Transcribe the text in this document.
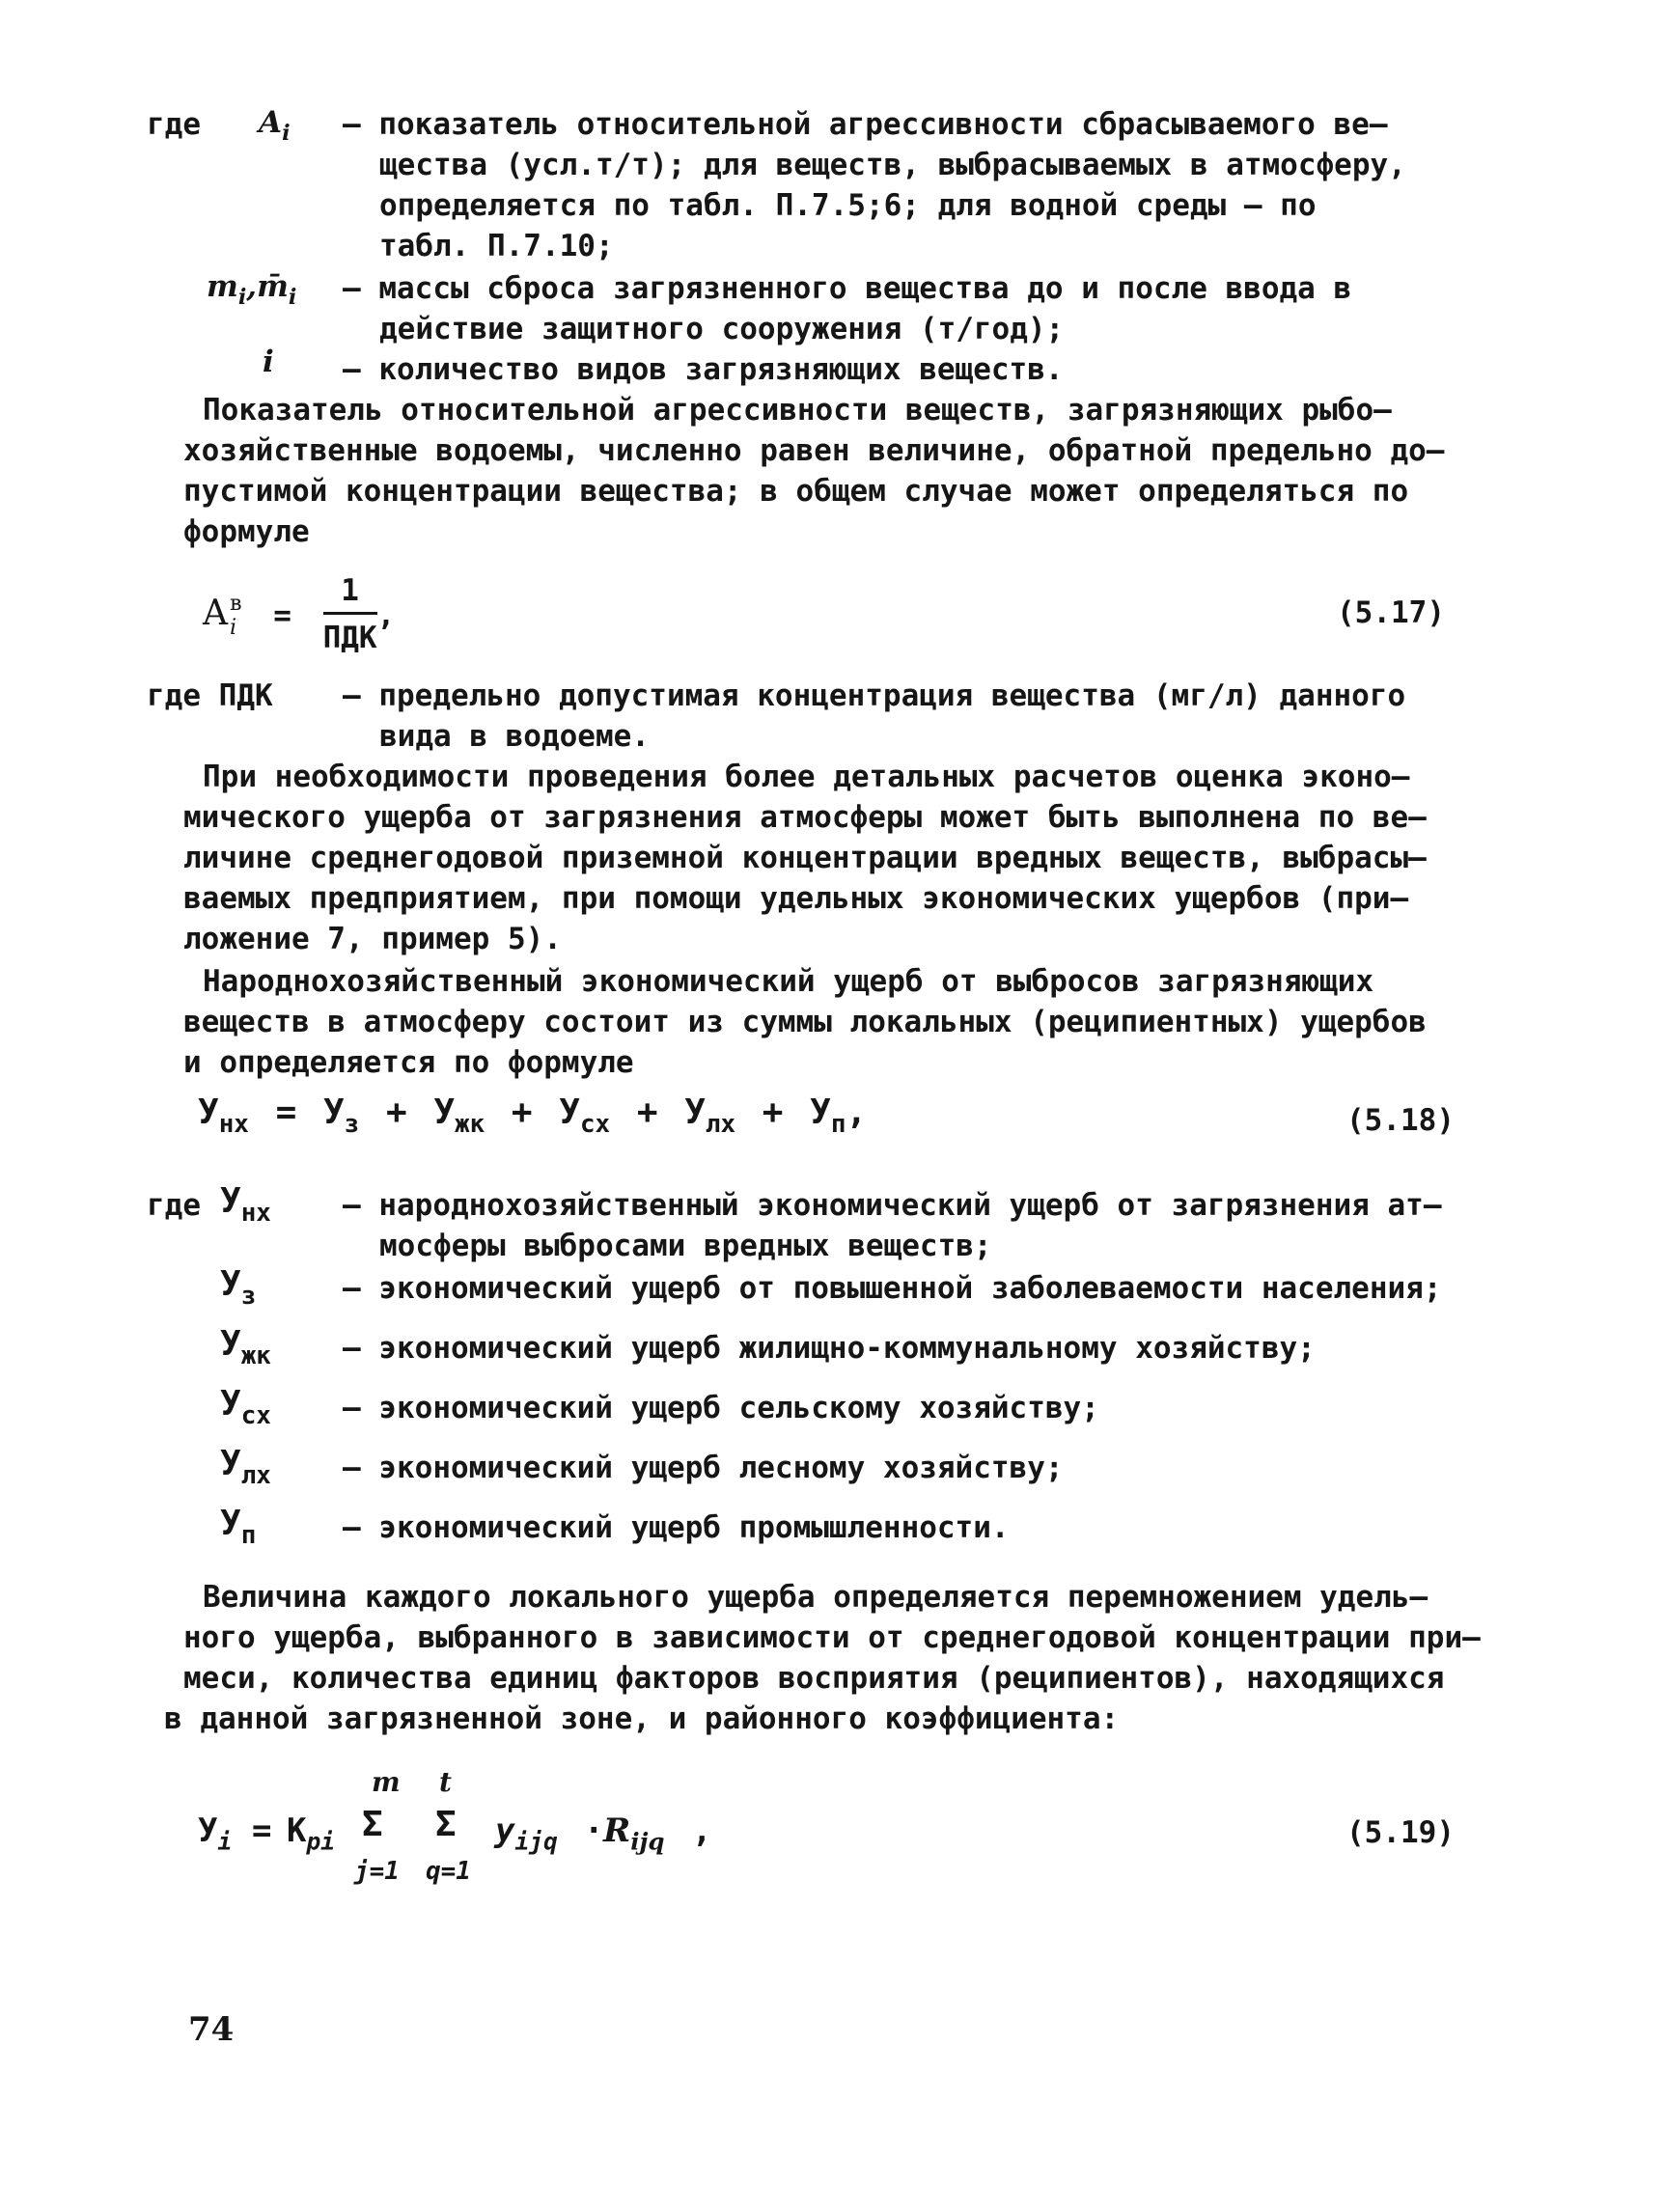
где $A_i$ – показатель относительной агрессивности сбрасываемого ве–
щества (усл.т/т); для веществ, выбрасываемых в атмосферу,
определяется по табл. П.7.5;6; для водной среды – по
табл. П.7.10;
$m_i,m̄_i$ – массы сброса загрязненного вещества до и после ввода в
действие защитного сооружения (т/год);
i – количество видов загрязняющих веществ.
Показатель относительной агрессивности веществ, загрязняющих рыбо–
хозяйственные водоемы, численно равен величине, обратной предельно до–
пустимой концентрации вещества; в общем случае может определяться по
формуле
A в
$i = \frac{1}{\text{ПДК}}$ ,	(5.17)
где ПДК – предельно допустимая концентрация вещества (мг/л) данного
вида в водоеме.
При необходимости проведения более детальных расчетов оценка эконо–
мического ущерба от загрязнения атмосферы может быть выполнена по ве–
личине среднегодовой приземной концентрации вредных веществ, выбрасы–
ваемых предприятием, при помощи удельных экономических ущербов (при–
ложение 7, пример 5).
Народнохозяйственный экономический ущерб от выбросов загрязняющих
веществ в атмосферу состоит из суммы локальных (реципиентных) ущербов
и определяется по формуле
$У_{нх} = У_з + У_{жк} + У_{сх} + У_{лх} + У_п$,	(5.18)
где $У_{нх}$ – народнохозяйственный экономический ущерб от загрязнения ат–
мосферы выбросами вредных веществ;
$У_з$	– экономический ущерб от повышенной заболеваемости населения;
$У_{жк}$ – экономический ущерб жилищно-коммунальному хозяйству;
$У_{сх}$ – экономический ущерб сельскому хозяйству;
$У_{лх}$ – экономический ущерб лесному хозяйству;
$У_п$	– экономический ущерб промышленности.
Величина каждого локального ущерба определяется перемножением удель–
ного ущерба, выбранного в зависимости от среднегодовой концентрации при–
меси, количества единиц факторов восприятия (реципиентов), находящихся
в данной загрязненной зоне, и районного коэффициента:
$У_i = К_{рi}$
m
Σ
j=1
t
Σ
q=1
$y_{ijq} \cdot R_{ijq}$ ,	(5.19)
74
